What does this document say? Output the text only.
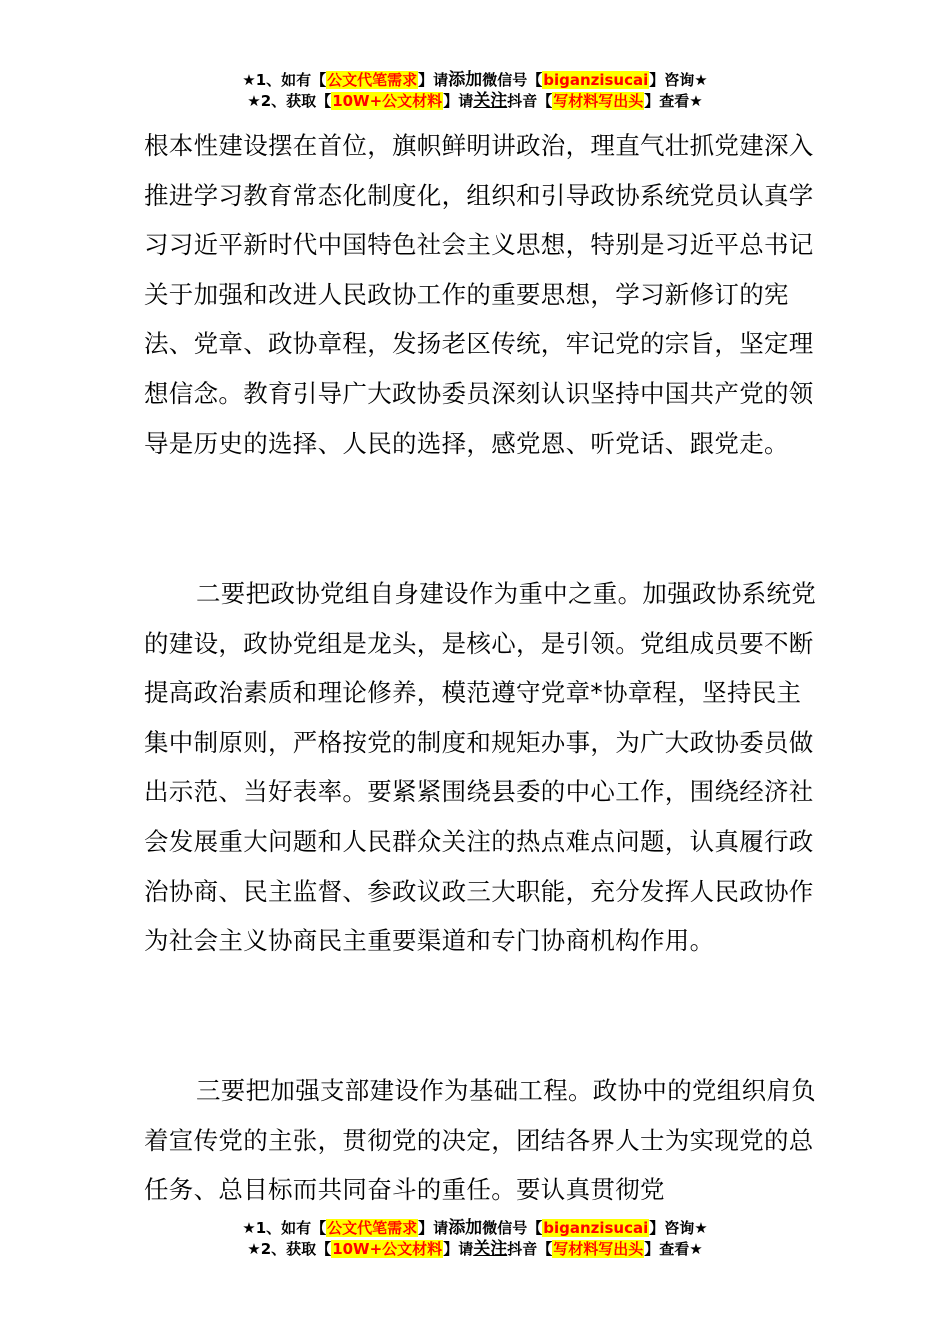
★1、如有【公文代笔需求】请添加微信号【biganzisucai】咨询★
★2、获取【10W+公文材料】请关注抖音【写材料写出头】查看★

根本性建设摆在首位，旗帜鲜明讲政治，理直气壮抓党建深入推进学习教育常态化制度化，组织和引导政协系统党员认真学习习近平新时代中国特色社会主义思想，特别是习近平总书记关于加强和改进人民政协工作的重要思想，学习新修订的宪法、党章、政协章程，发扬老区传统，牢记党的宗旨，坚定理想信念。教育引导广大政协委员深刻认识坚持中国共产党的领导是历史的选择、人民的选择，感党恩、听党话、跟党走。

二要把政协党组自身建设作为重中之重。加强政协系统党的建设，政协党组是龙头，是核心，是引领。党组成员要不断提高政治素质和理论修养，模范遵守党章*协章程，坚持民主集中制原则，严格按党的制度和规矩办事，为广大政协委员做出示范、当好表率。要紧紧围绕县委的中心工作，围绕经济社会发展重大问题和人民群众关注的热点难点问题，认真履行政治协商、民主监督、参政议政三大职能，充分发挥人民政协作为社会主义协商民主重要渠道和专门协商机构作用。

三要把加强支部建设作为基础工程。政协中的党组织肩负着宣传党的主张，贯彻党的决定，团结各界人士为实现党的总任务、总目标而共同奋斗的重任。要认真贯彻党

★1、如有【公文代笔需求】请添加微信号【biganzisucai】咨询★
★2、获取【10W+公文材料】请关注抖音【写材料写出头】查看★
